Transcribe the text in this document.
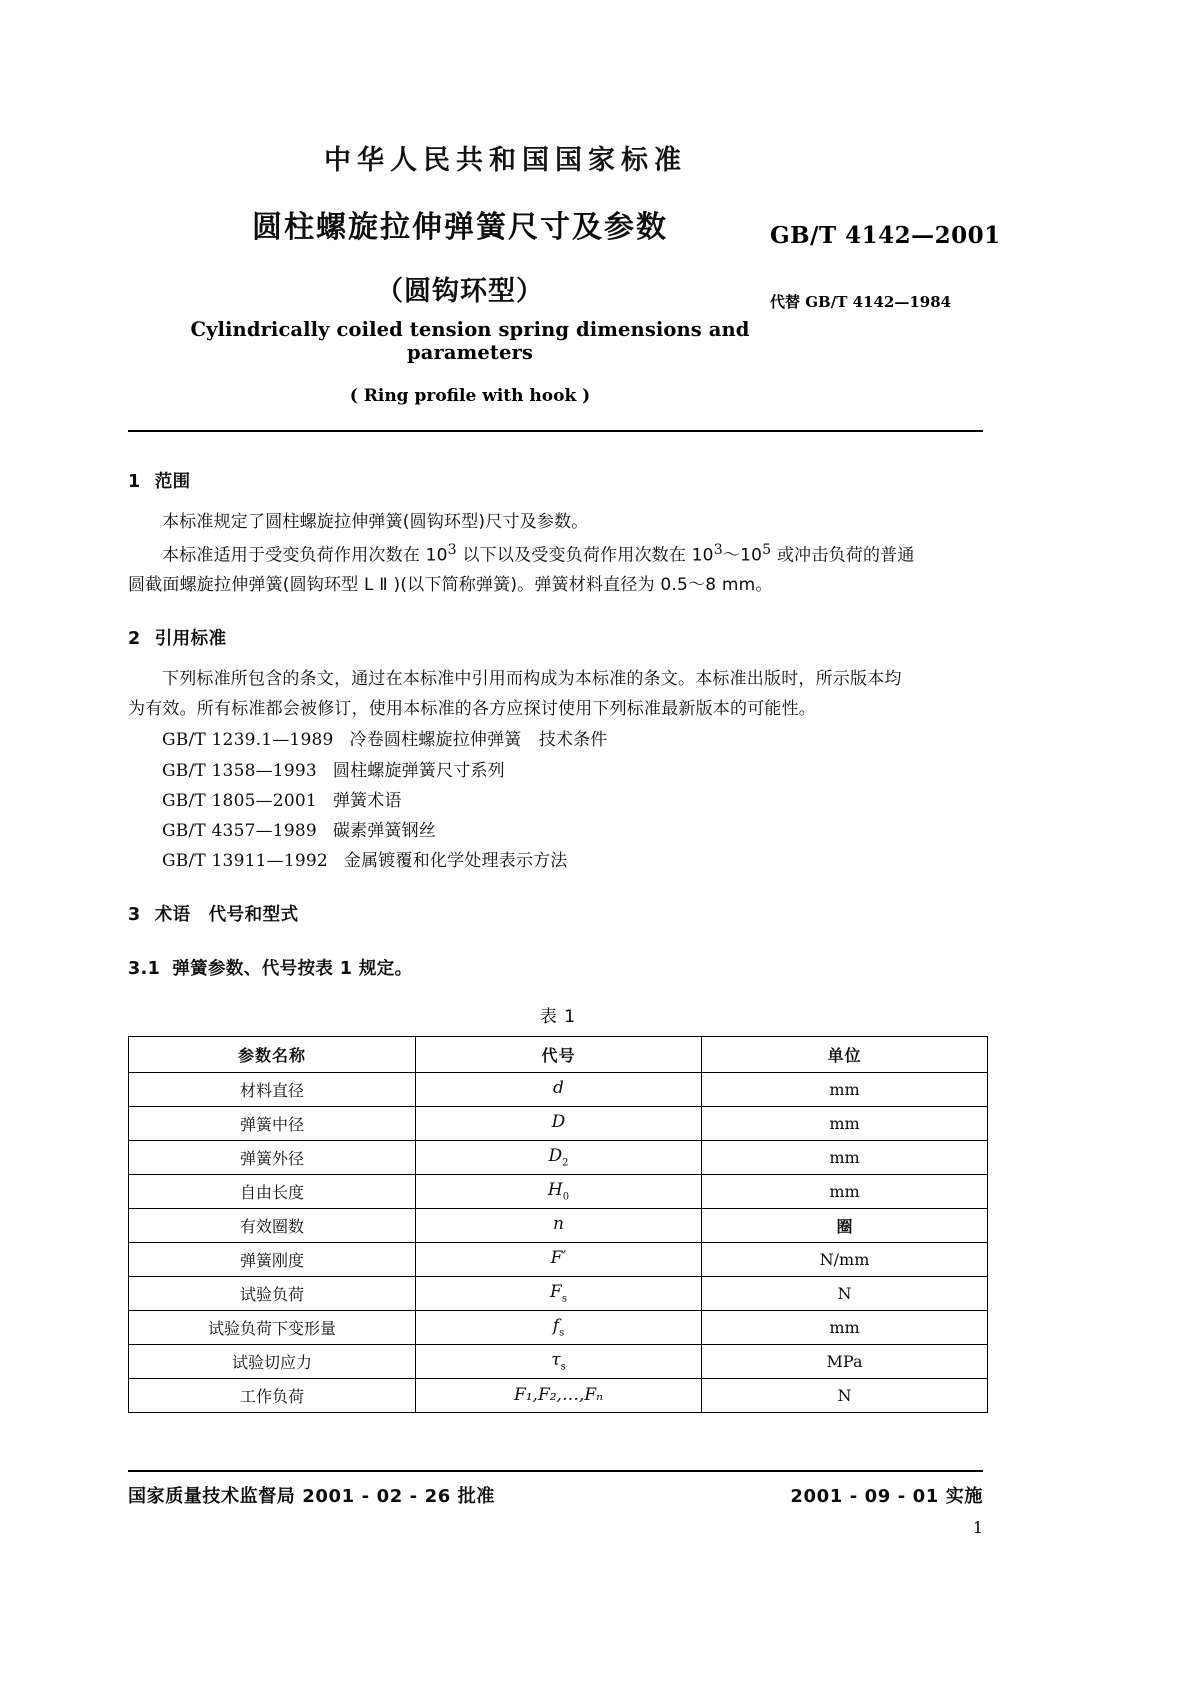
中华人民共和国国家标准
圆柱螺旋拉伸弹簧尺寸及参数
（圆钩环型）
GB/T 4142—2001
代替 GB/T 4142—1984
Cylindrically coiled tension spring dimensions and parameters
( Ring profile with hook )
1 范围

本标准规定了圆柱螺旋拉伸弹簧(圆钩环型)尺寸及参数。

本标准适用于受变负荷作用次数在 $10^3$ 以下以及受变负荷作用次数在 $10^3\sim 10^5$ 或冲击负荷的普通

圆截面螺旋拉伸弹簧(圆钩环型 L Ⅱ )(以下简称弹簧)。弹簧材料直径为 0.5～8 mm。

2 引用标准

下列标准所包含的条文，通过在本标准中引用而构成为本标准的条文。本标准出版时，所示版本均

为有效。所有标准都会被修订，使用本标准的各方应探讨使用下列标准最新版本的可能性。

GB/T 1239.1—1989 冷卷圆柱螺旋拉伸弹簧　技术条件
GB/T 1358—1993 圆柱螺旋弹簧尺寸系列
GB/T 1805—2001 弹簧术语
GB/T 4357—1989 碳素弹簧钢丝
GB/T 13911—1992 金属镀覆和化学处理表示方法
3 术语　代号和型式
3.1 弹簧参数、代号按表 1 规定。
表 1
参数名称	代号	单位
材料直径	d	mm
弹簧中径	D	mm
弹簧外径	$D_2$	mm
自由长度	$H_0$	mm
有效圈数	n	圈
弹簧刚度	F′	N/mm
试验负荷	$F_s$	N
试验负荷下变形量	$f_s$	mm
试验切应力	$\tau_s$	MPa
工作负荷	F₁,F₂,…,Fₙ	N
国家质量技术监督局 2001 - 02 - 26 批准	2001 - 09 - 01 实施
1
